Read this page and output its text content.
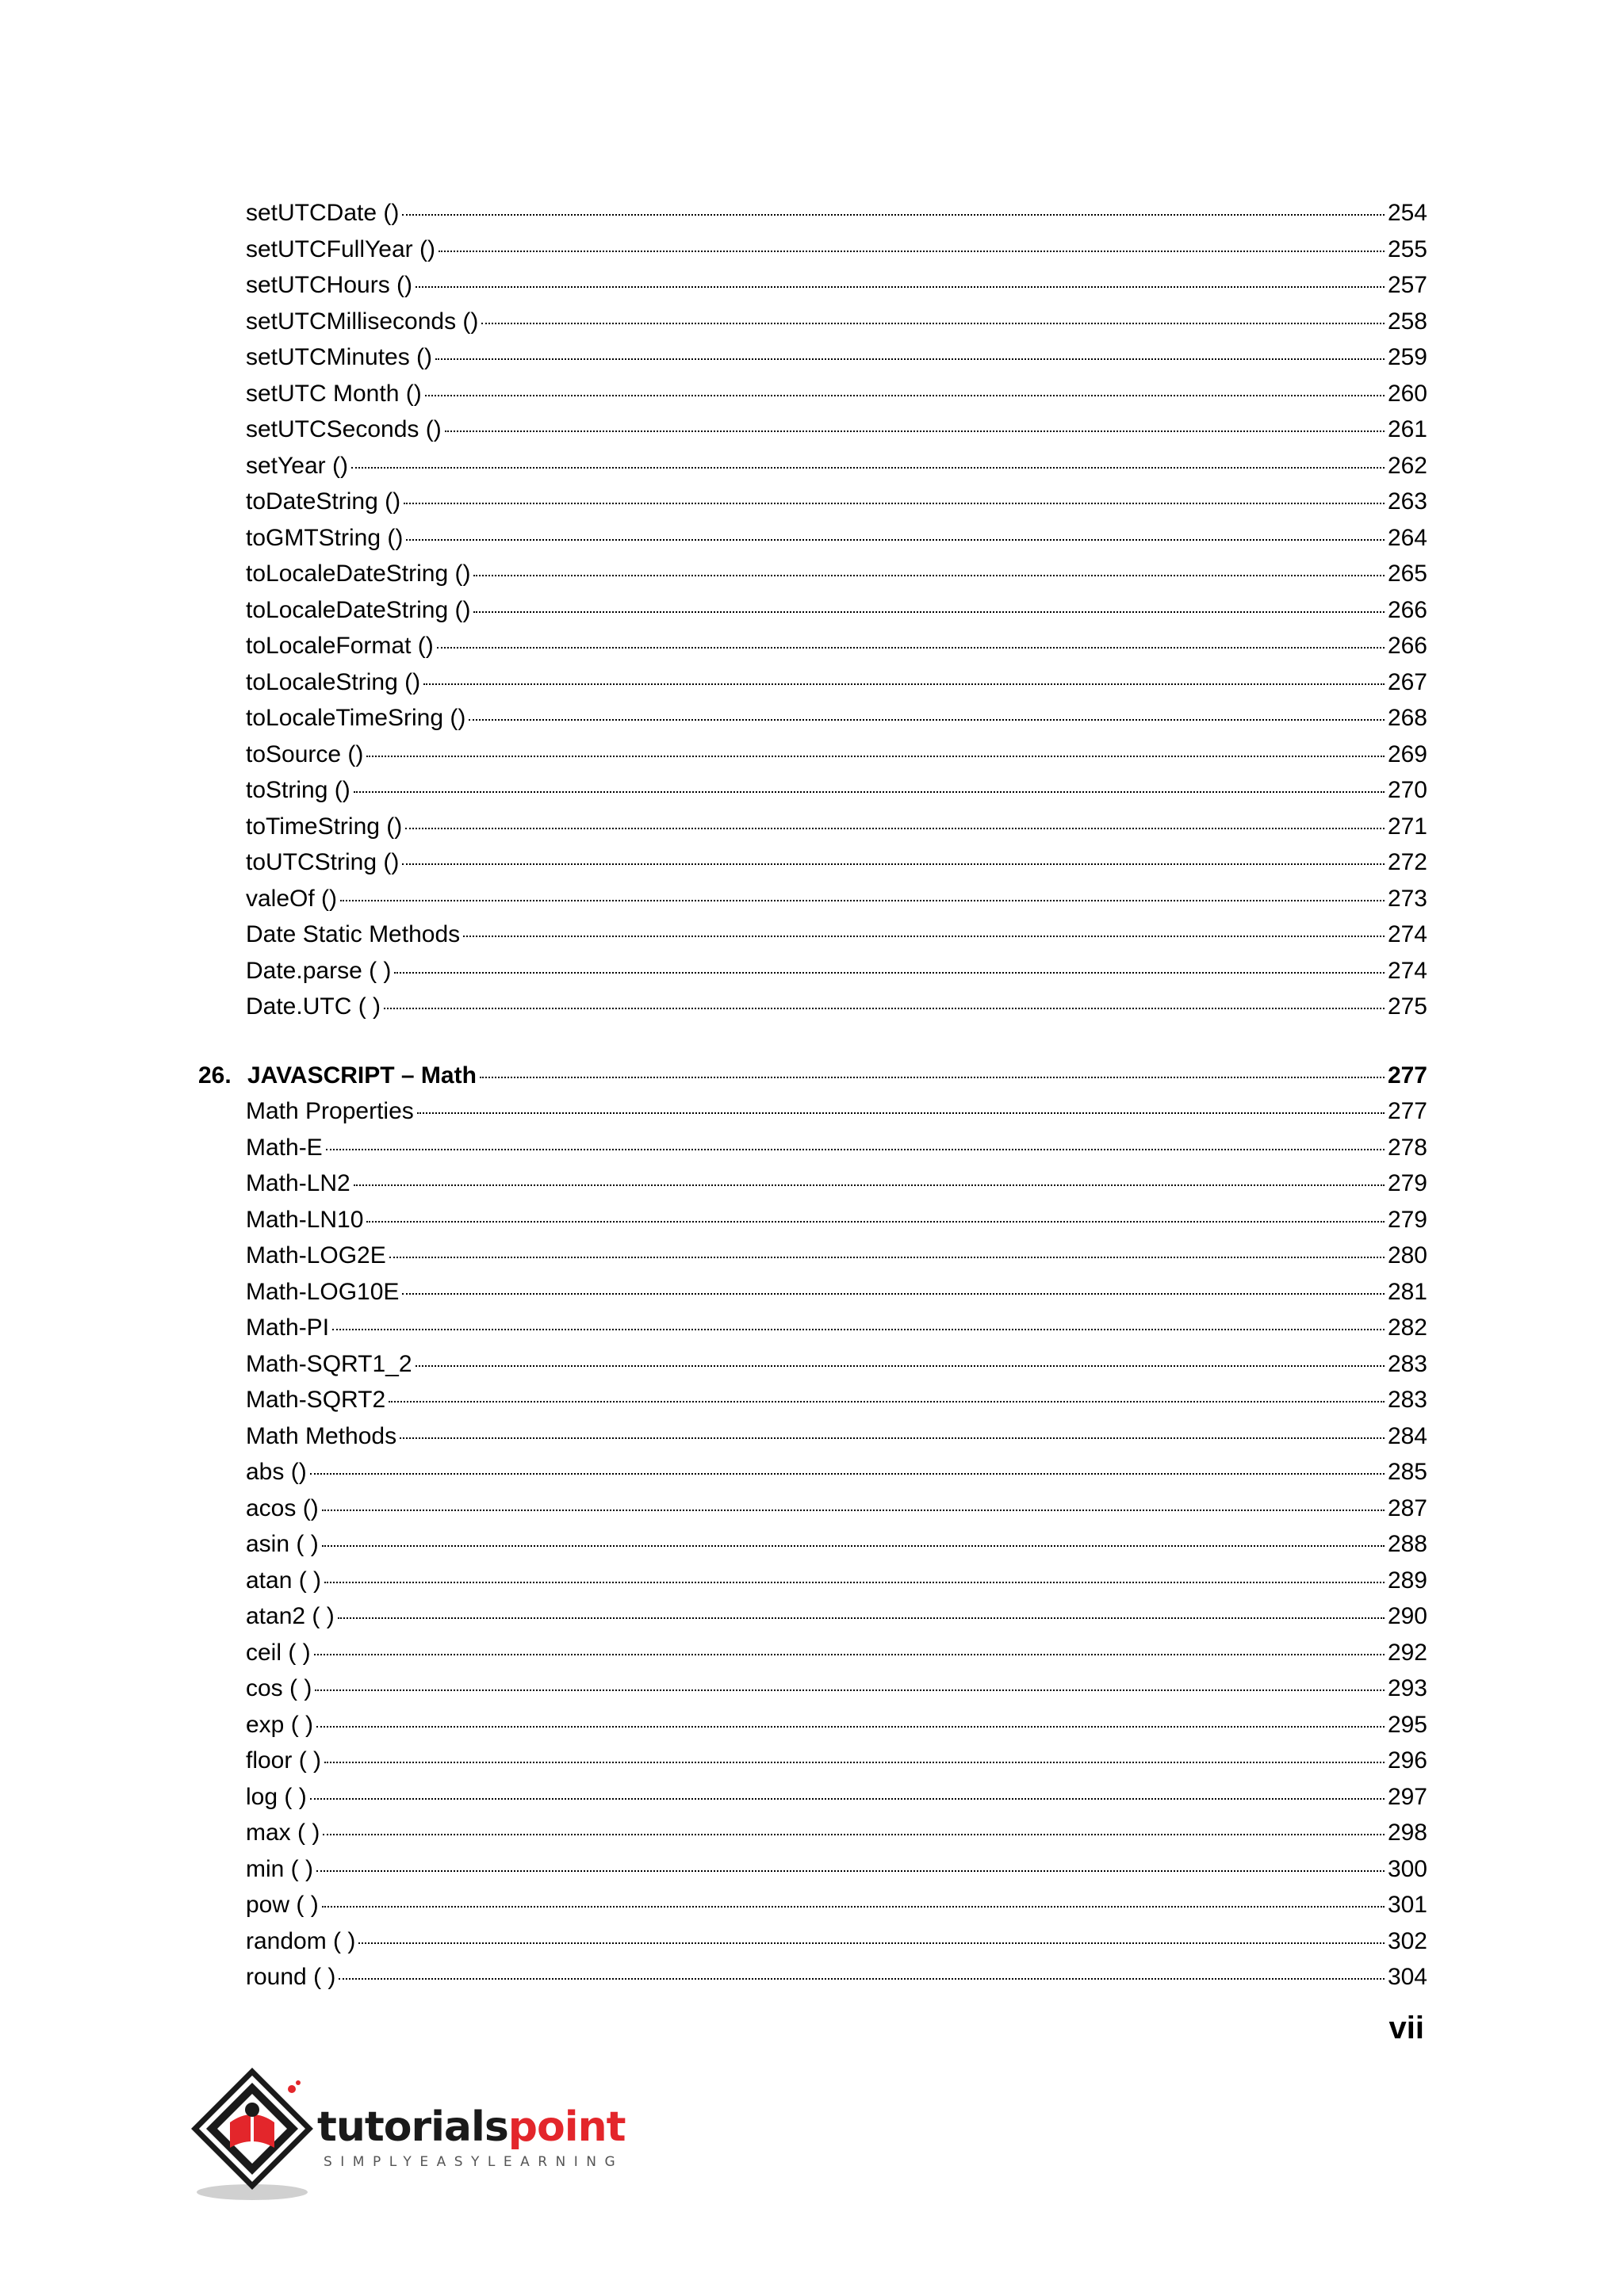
setUTCDate ()	254
setUTCFullYear ()	255
setUTCHours ()	257
setUTCMilliseconds ()	258
setUTCMinutes ()	259
setUTC Month ()	260
setUTCSeconds ()	261
setYear ()	262
toDateString ()	263
toGMTString ()	264
toLocaleDateString ()	265
toLocaleDateString ()	266
toLocaleFormat ()	266
toLocaleString ()	267
toLocaleTimeSring ()	268
toSource ()	269
toString ()	270
toTimeString ()	271
toUTCString ()	272
valeOf ()	273
Date Static Methods	274
Date.parse ( )	274
Date.UTC ( )	275
26. JAVASCRIPT – Math	277
Math Properties	277
Math-E	278
Math-LN2	279
Math-LN10	279
Math-LOG2E	280
Math-LOG10E	281
Math-PI	282
Math-SQRT1_2	283
Math-SQRT2	283
Math Methods	284
abs ()	285
acos ()	287
asin ( )	288
atan ( )	289
atan2 ( )	290
ceil ( )	292
cos ( )	293
exp ( )	295
floor ( )	296
log ( )	297
max ( )	298
min ( )	300
pow ( )	301
random ( )	302
round ( )	304
vii
tutorialspoint
SIMPLYEASYLEARNING
